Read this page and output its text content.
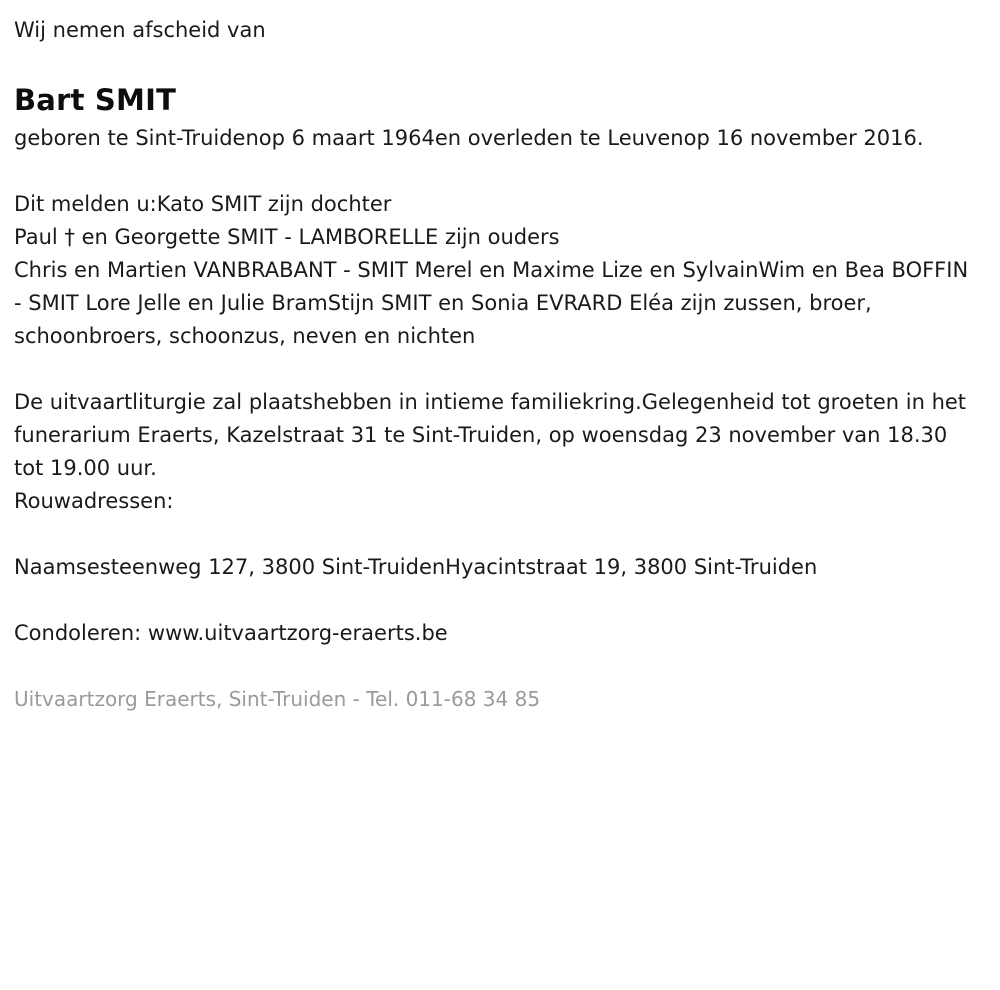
Wij nemen afscheid van
Bart SMIT
geboren te Sint-Truidenop 6 maart 1964en overleden te Leuvenop 16 november 2016.
Dit melden u:Kato SMIT zijn dochter
Paul † en Georgette SMIT - LAMBORELLE zijn ouders
Chris en Martien VANBRABANT - SMIT Merel en Maxime Lize en SylvainWim en Bea BOFFIN - SMIT Lore Jelle en Julie BramStijn SMIT en Sonia EVRARD Eléa zijn zussen, broer, schoonbroers, schoonzus, neven en nichten
De uitvaartliturgie zal plaatshebben in intieme familiekring.Gelegenheid tot groeten in het funerarium Eraerts, Kazelstraat 31 te Sint-Truiden, op woensdag 23 november van 18.30 tot 19.00 uur.
Rouwadressen:
Naamsesteenweg 127, 3800 Sint-TruidenHyacintstraat 19, 3800 Sint-Truiden
Condoleren: www.uitvaartzorg-eraerts.be
Uitvaartzorg Eraerts, Sint-Truiden - Tel. 011-68 34 85
